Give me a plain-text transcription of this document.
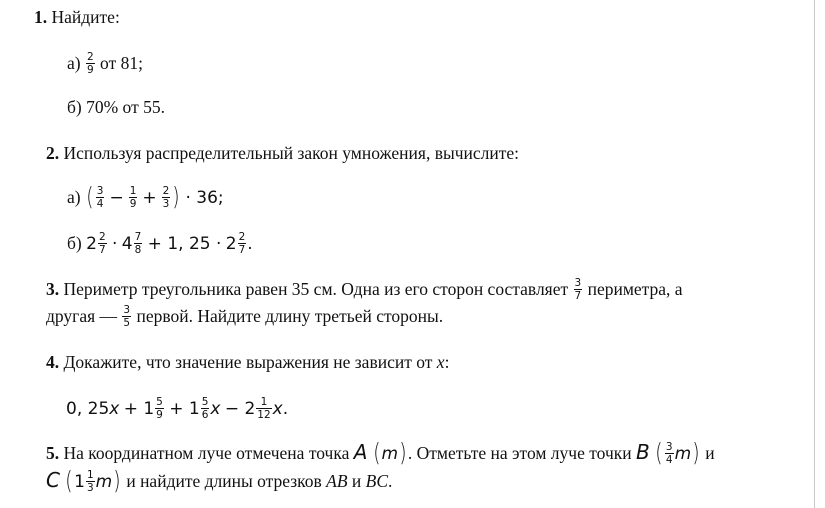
1. Найдите:
$а) \frac{2}{9}$ от 81;
б) 70% от 55.
2. Используя распределительный закон умножения, вычислите:
а) ( $\frac{3}{4} - \frac{1}{9} + \frac{2}{3}$ ) · 36;
б) $2 \frac{2}{7} \cdot 4 \frac{7}{8} + 1$, $25 \cdot 2 \frac{2}{7}$ .
3. Периметр треугольника равен 35 см. Одна из его сторон составляет $\frac{3}{7}$ периметра, а
другая — $\frac{3}{5}$ первой. Найдите длину третьей стороны.
4. Докажите, что значение выражения не зависит от x:
0, $25x + 1 \frac{5}{9} + 1 \frac{5}{6}$ $x - 2 \frac{1}{12} x$.
5. На координатном луче отмечена точка A (m). Отметьте на этом луче точки B ( $\frac{3}{4} m$) и
C $(1 \frac{1}{3} m)$ и найдите длины отрезков AB и BC.
